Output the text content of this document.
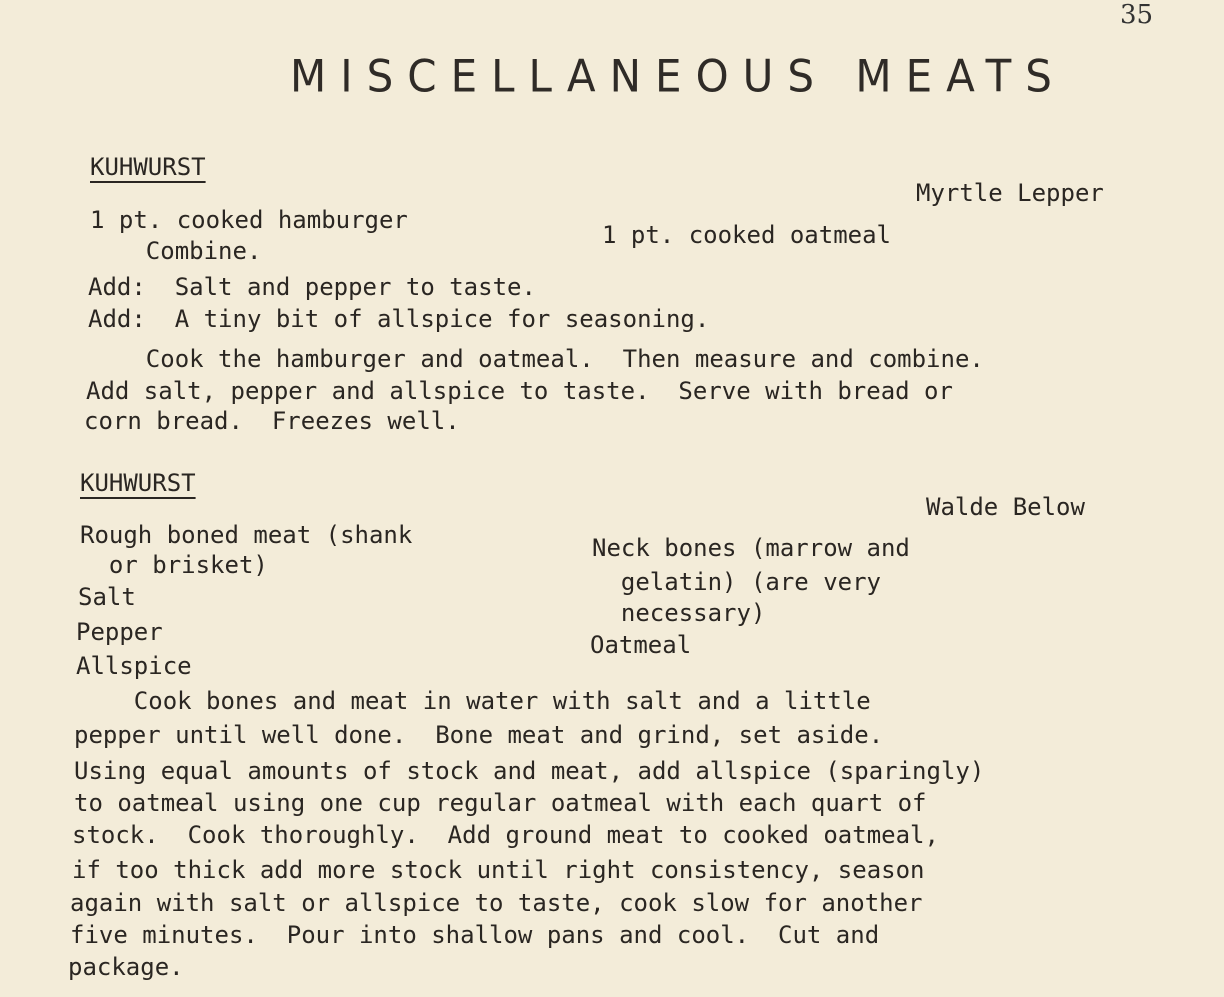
35
MISCELLANEOUS MEATS
KUHWURST
Myrtle Lepper
1 pt. cooked hamburger
1 pt. cooked oatmeal
Combine.
Add:  Salt and pepper to taste.
Add:  A tiny bit of allspice for seasoning.
Cook the hamburger and oatmeal.  Then measure and combine.
Add salt, pepper and allspice to taste.  Serve with bread or
corn bread.  Freezes well.
KUHWURST
Walde Below
Rough boned meat (shank
or brisket)
Salt
Pepper
Allspice
Neck bones (marrow and
gelatin) (are very
necessary)
Oatmeal
Cook bones and meat in water with salt and a little
pepper until well done.  Bone meat and grind, set aside.
Using equal amounts of stock and meat, add allspice (sparingly)
to oatmeal using one cup regular oatmeal with each quart of
stock.  Cook thoroughly.  Add ground meat to cooked oatmeal,
if too thick add more stock until right consistency, season
again with salt or allspice to taste, cook slow for another
five minutes.  Pour into shallow pans and cool.  Cut and
package.
